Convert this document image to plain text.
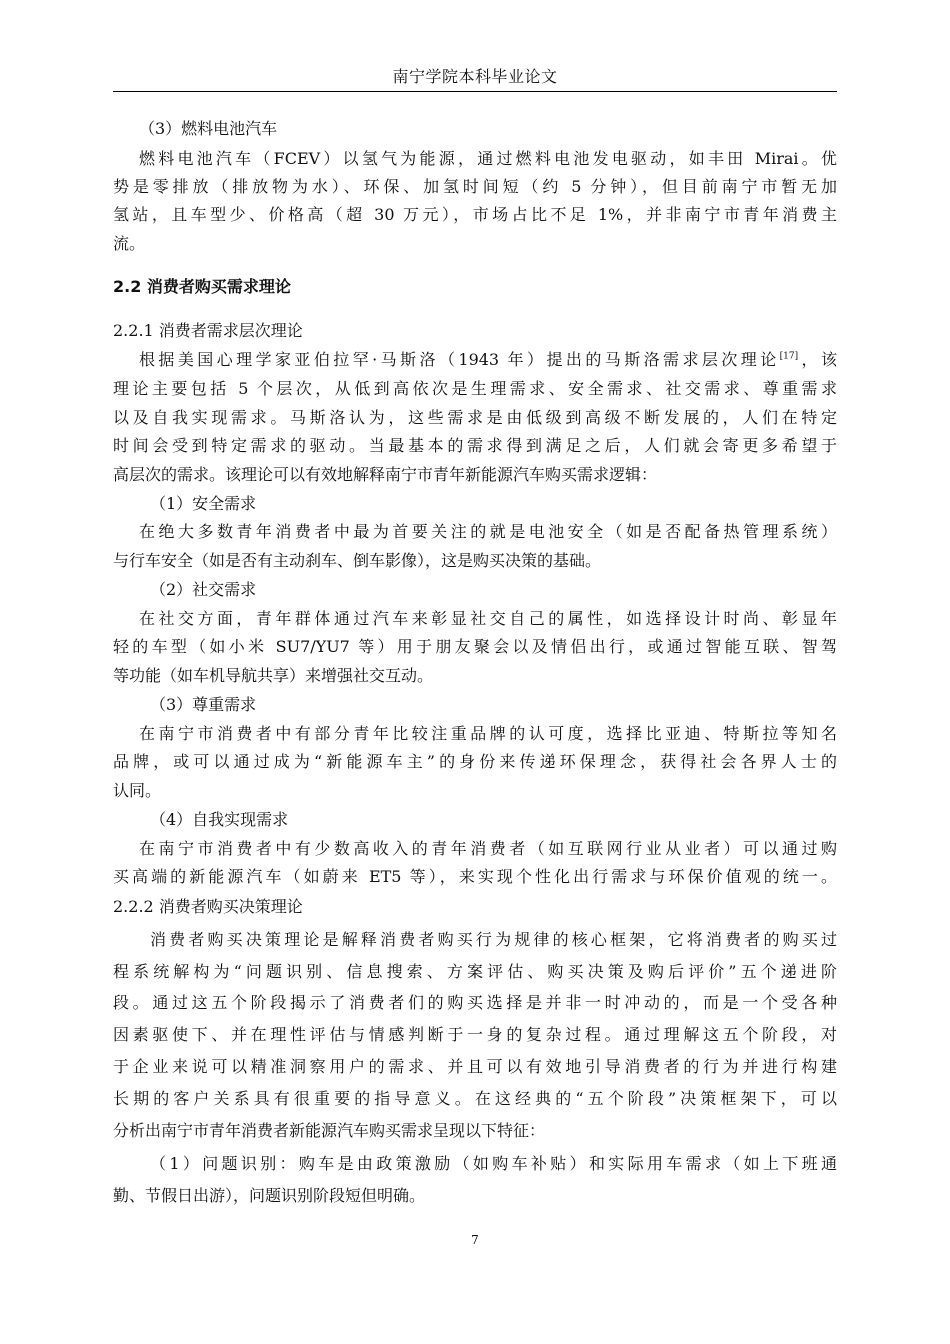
南宁学院本科毕业论文
（3）燃料电池汽车
燃料电池汽车（FCEV）以氢气为能源，通过燃料电池发电驱动，如丰田 Mirai。优
势是零排放（排放物为水）、环保、加氢时间短（约 5 分钟），但目前南宁市暂无加
氢站，且车型少、价格高（超 30 万元），市场占比不足 1%，并非南宁市青年消费主
流。
2.2 消费者购买需求理论
2.2.1 消费者需求层次理论
根据美国心理学家亚伯拉罕·马斯洛（1943 年）提出的马斯洛需求层次理论[17]，该
理论主要包括 5 个层次，从低到高依次是生理需求、安全需求、社交需求、尊重需求
以及自我实现需求。马斯洛认为，这些需求是由低级到高级不断发展的，人们在特定
时间会受到特定需求的驱动。当最基本的需求得到满足之后，人们就会寄更多希望于
高层次的需求。该理论可以有效地解释南宁市青年新能源汽车购买需求逻辑：
（1）安全需求
在绝大多数青年消费者中最为首要关注的就是电池安全（如是否配备热管理系统）
与行车安全（如是否有主动刹车、倒车影像），这是购买决策的基础。
（2）社交需求
在社交方面，青年群体通过汽车来彰显社交自己的属性，如选择设计时尚、彰显年
轻的车型（如小米 SU7/YU7 等）用于朋友聚会以及情侣出行，或通过智能互联、智驾
等功能（如车机导航共享）来增强社交互动。
（3）尊重需求
在南宁市消费者中有部分青年比较注重品牌的认可度，选择比亚迪、特斯拉等知名
品牌，或可以通过成为“新能源车主”的身份来传递环保理念，获得社会各界人士的
认同。
（4）自我实现需求
在南宁市消费者中有少数高收入的青年消费者（如互联网行业从业者）可以通过购
买高端的新能源汽车（如蔚来 ET5 等），来实现个性化出行需求与环保价值观的统一。
2.2.2 消费者购买决策理论
消费者购买决策理论是解释消费者购买行为规律的核心框架，它将消费者的购买过
程系统解构为“问题识别、信息搜索、方案评估、购买决策及购后评价”五个递进阶
段。通过这五个阶段揭示了消费者们的购买选择是并非一时冲动的，而是一个受各种
因素驱使下、并在理性评估与情感判断于一身的复杂过程。通过理解这五个阶段，对
于企业来说可以精准洞察用户的需求、并且可以有效地引导消费者的行为并进行构建
长期的客户关系具有很重要的指导意义。在这经典的“五个阶段”决策框架下，可以
分析出南宁市青年消费者新能源汽车购买需求呈现以下特征：
（1）问题识别：购车是由政策激励（如购车补贴）和实际用车需求（如上下班通
勤、节假日出游），问题识别阶段短但明确。
7
